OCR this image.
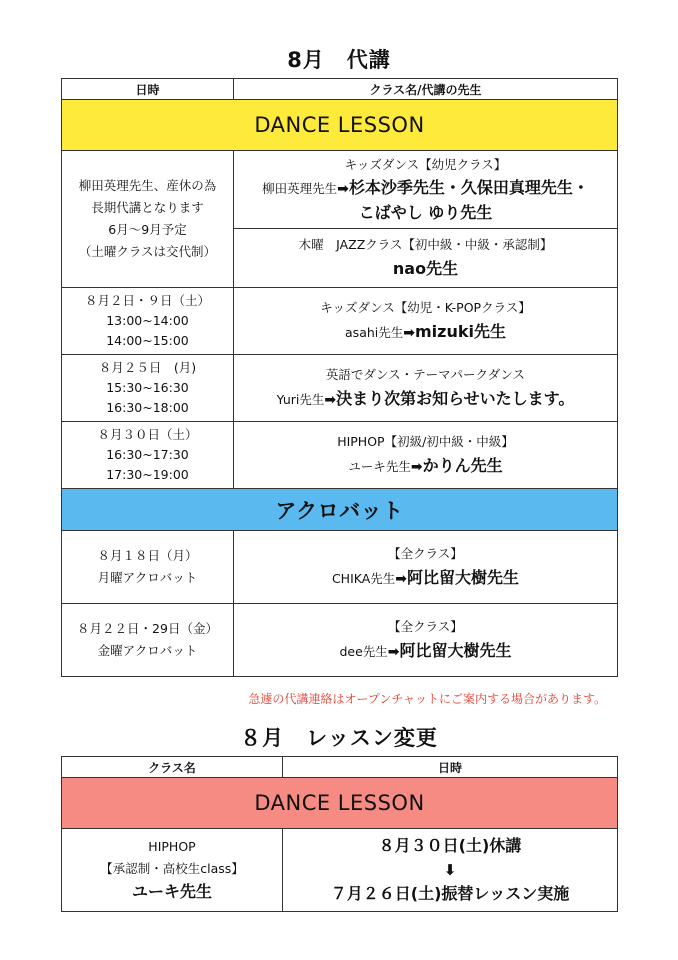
8月　代講
日時	クラス名/代講の先生
DANCE LESSON	

柳田英理先生、産休の為
長期代講となります
6月〜9月予定
（土曜クラスは交代制）	キッズダンス【幼児クラス】
柳田英理先生➡杉本沙季先生・久保田真理先生・
こばやし ゆり先生

	木曜　JAZZクラス【初中級・中級・承認制】
nao先生

８月２日・９日（土）
13:00~14:00
14:00~15:00	キッズダンス【幼児・K-POPクラス】
asahi先生➡mizuki先生

８月２５日　(月)
15:30~16:30
16:30~18:00	英語でダンス・テーマパークダンス
Yuri先生➡決まり次第お知らせいたします。

８月３０日（土）
16:30~17:30
17:30~19:00	HIPHOP【初級/初中級・中級】
ユーキ先生➡かりん先生

アクロバット	

８月１８日（月）
月曜アクロバット	【全クラス】
CHIKA先生➡阿比留大樹先生

８月２２日・29日（金）
金曜アクロバット	【全クラス】
dee先生➡阿比留大樹先生
急遽の代講連絡はオープンチャットにご案内する場合があります。
８月　レッスン変更
クラス名	日時
DANCE LESSON	

HIPHOP
【承認制・高校生class】
ユーキ先生	８月３０日(土)休講
⬇
７月２６日(土)振替レッスン実施
